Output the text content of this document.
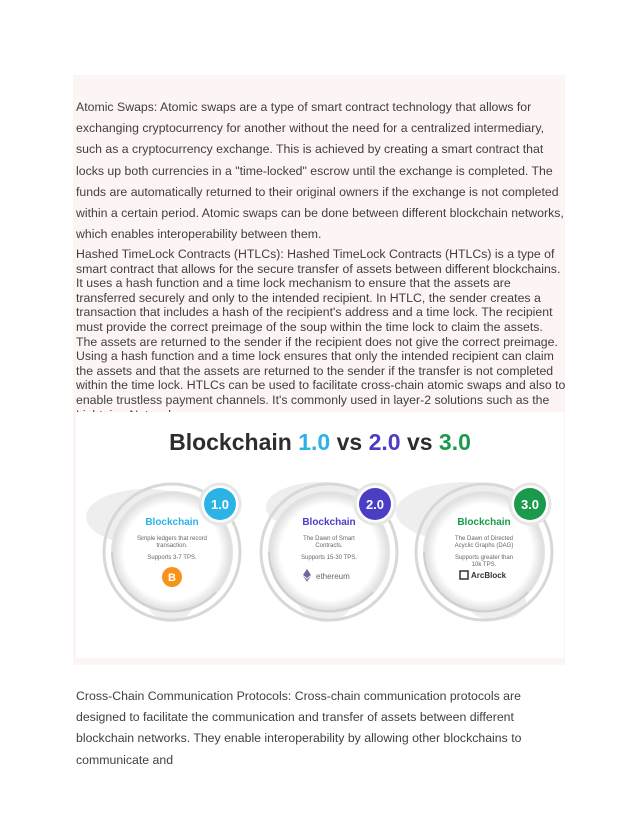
Atomic Swaps: Atomic swaps are a type of smart contract technology that allows for exchanging cryptocurrency for another without the need for a centralized intermediary, such as a cryptocurrency exchange. This is achieved by creating a smart contract that locks up both currencies in a "time-locked" escrow until the exchange is completed. The funds are automatically returned to their original owners if the exchange is not completed within a certain period. Atomic swaps can be done between different blockchain networks, which enables interoperability between them.

Hashed TimeLock Contracts (HTLCs): Hashed TimeLock Contracts (HTLCs) is a type of smart contract that allows for the secure transfer of assets between different blockchains. It uses a hash function and a time lock mechanism to ensure that the assets are transferred securely and only to the intended recipient. In HTLC, the sender creates a transaction that includes a hash of the recipient's address and a time lock. The recipient must provide the correct preimage of the soup within the time lock to claim the assets. The assets are returned to the sender if the recipient does not give the correct preimage. Using a hash function and a time lock ensures that only the intended recipient can claim the assets and that the assets are returned to the sender if the transfer is not completed within the time lock. HTLCs can be used to facilitate cross-chain atomic swaps and also to enable trustless payment channels. It's commonly used in layer-2 solutions such as the

Blockchain 1.0 vs 2.0 vs 3.0
1.0
Blockchain
Simple ledgers that record
transaction.
Supports 3-7 TPS.
B
2.0
Blockchain
The Dawn of Smart
Contracts.
Supports 15-30 TPS.
ethereum
3.0
Blockchain
The Dawn of Directed
Acyclic Graphs (DAG)
Supports greater than
10k TPS.
ArcBlock

Cross-Chain Communication Protocols: Cross-chain communication protocols are designed to facilitate the communication and transfer of assets between different blockchain networks. They enable interoperability by allowing other blockchains to communicate and
